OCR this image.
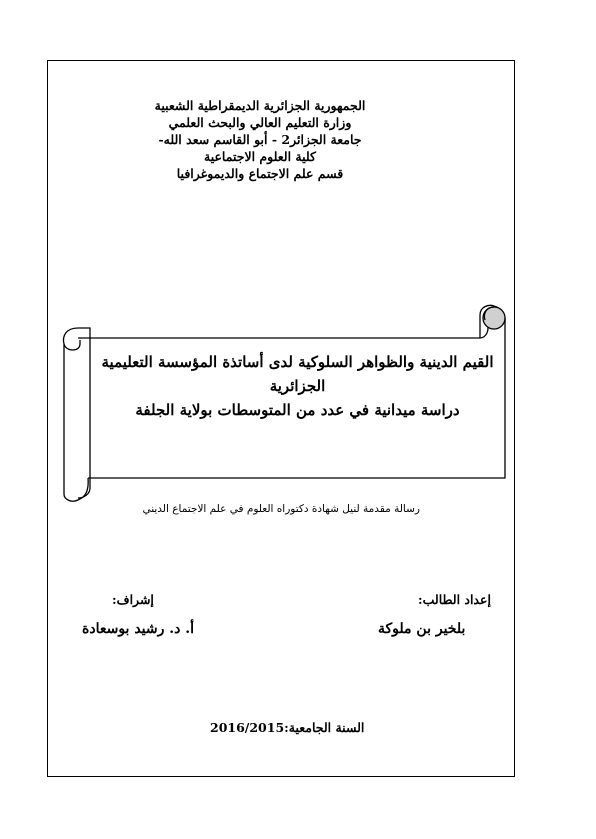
الجمهورية الجزائرية الديمقراطية الشعبية
وزارة التعليم العالي والبحث العلمي
جامعة الجزائر2 - أبو القاسم سعد الله-
كلية العلوم الاجتماعية
قسم علم الاجتماع والديموغرافيا
القيم الدينية والظواهر السلوكية لدى أساتذة المؤسسة التعليمية
الجزائرية
دراسة ميدانية في عدد من المتوسطات بولاية الجلفة
رسالة مقدمة لنيل شهادة دكتوراه العلوم في علم الاجتماع الديني
إعداد الطالب:
إشراف:
بلخير بن ملوكة
أ. د. رشيد بوسعادة
السنة الجامعية:2016/2015
